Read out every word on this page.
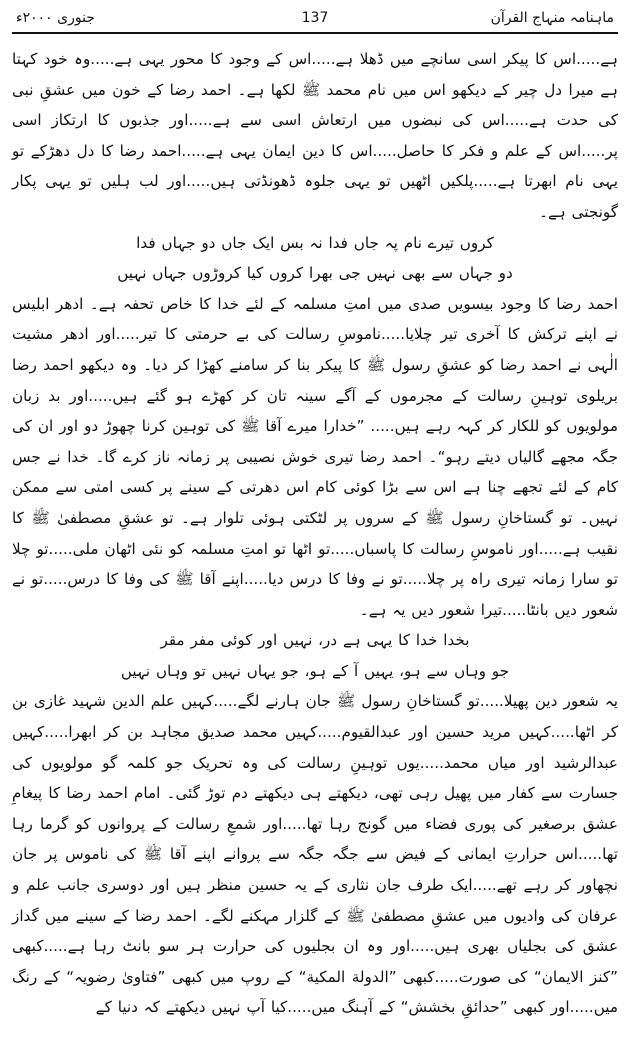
ماہنامہ منہاج القرآن
137
جنوری ۲۰۰۰ء

ہے.....اس کا پیکر اسی سانچے میں ڈھلا ہے.....اس کے وجود کا محور یہی ہے.....وہ خود کہتا ہے میرا دل چیر کے دیکھو اس میں نام محمد ﷺ لکھا ہے۔ احمد رضا کے خون میں عشقِ نبی کی حدت ہے.....اس کی نبضوں میں ارتعاش اسی سے ہے.....اور جذبوں کا ارتکاز اسی پر.....اس کے علم و فکر کا حاصل.....اس کا دین ایمان یہی ہے.....احمد رضا کا دل دھڑکے تو یہی نام ابھرتا ہے.....پلکیں اٹھیں تو یہی جلوہ ڈھونڈتی ہیں.....اور لب ہلیں تو یہی پکار گونجتی ہے۔

کروں تیرے نام پہ جاں فدا نہ بس ایک جاں دو جہاں فدا
دو جہاں سے بھی نہیں جی بھرا کروں کیا کروڑوں جہاں نہیں

احمد رضا کا وجود بیسویں صدی میں امتِ مسلمہ کے لئے خدا کا خاص تحفہ ہے۔ ادھر ابلیس نے اپنے ترکش کا آخری تیر چلایا.....ناموسِ رسالت کی بے حرمتی کا تیر.....اور ادھر مشیت الٰہی نے احمد رضا کو عشقِ رسول ﷺ کا پیکر بنا کر سامنے کھڑا کر دیا۔ وہ دیکھو احمد رضا بریلوی توہینِ رسالت کے مجرموں کے آگے سینہ تان کر کھڑے ہو گئے ہیں.....اور بد زبان مولویوں کو للکار کر کہہ رہے ہیں..... ”خدارا میرے آقا ﷺ کی توہین کرنا چھوڑ دو اور ان کی جگہ مجھے گالیاں دیتے رہو“۔ احمد رضا تیری خوش نصیبی پر زمانہ ناز کرے گا۔ خدا نے جس کام کے لئے تجھے چنا ہے اس سے بڑا کوئی کام اس دھرتی کے سینے پر کسی امتی سے ممکن نہیں۔ تو گستاخانِ رسول ﷺ کے سروں پر لٹکتی ہوئی تلوار ہے۔ تو عشقِ مصطفیٰ ﷺ کا نقیب ہے.....اور ناموسِ رسالت کا پاسباں.....تو اٹھا تو امتِ مسلمہ کو نئی اٹھان ملی.....تو چلا تو سارا زمانہ تیری راہ پر چلا.....تو نے وفا کا درس دیا.....اپنے آقا ﷺ کی وفا کا درس.....تو نے شعور دیں بانٹا.....تیرا شعور دیں یہ ہے۔

بخدا خدا کا یہی ہے در، نہیں اور کوئی مفر مقر
جو وہاں سے ہو، یہیں آ کے ہو، جو یہاں نہیں تو وہاں نہیں

یہ شعور دین پھیلا.....تو گستاخانِ رسول ﷺ جان ہارنے لگے.....کہیں علم الدین شہید غازی بن کر اٹھا.....کہیں مرید حسین اور عبدالقیوم.....کہیں محمد صدیق مجاہد بن کر ابھرا.....کہیں عبدالرشید اور میاں محمد.....یوں توہینِ رسالت کی وہ تحریک جو کلمہ گو مولویوں کی جسارت سے کفار میں پھیل رہی تھی، دیکھتے ہی دیکھتے دم توڑ گئی۔ امام احمد رضا کا پیغامِ عشق برصغیر کی پوری فضاء میں گونج رہا تھا.....اور شمعِ رسالت کے پروانوں کو گرما رہا تھا.....اس حرارتِ ایمانی کے فیض سے جگہ جگہ سے پروانے اپنے آقا ﷺ کی ناموس پر جان نچھاور کر رہے تھے.....ایک طرف جان نثاری کے یہ حسین منظر ہیں اور دوسری جانب علم و عرفان کی وادیوں میں عشقِ مصطفیٰ ﷺ کے گلزار مہکنے لگے۔ احمد رضا کے سینے میں گداز عشق کی بجلیاں بھری ہیں.....اور وہ ان بجلیوں کی حرارت ہر سو بانٹ رہا ہے.....کبھی ”کنز الایمان“ کی صورت.....کبھی ”الدولة المکیة“ کے روپ میں کبھی ”فتاویٰ رضویہ“ کے رنگ میں.....اور کبھی ”حدائقِ بخشش“ کے آہنگ میں.....کیا آپ نہیں دیکھتے کہ دنیا کے
